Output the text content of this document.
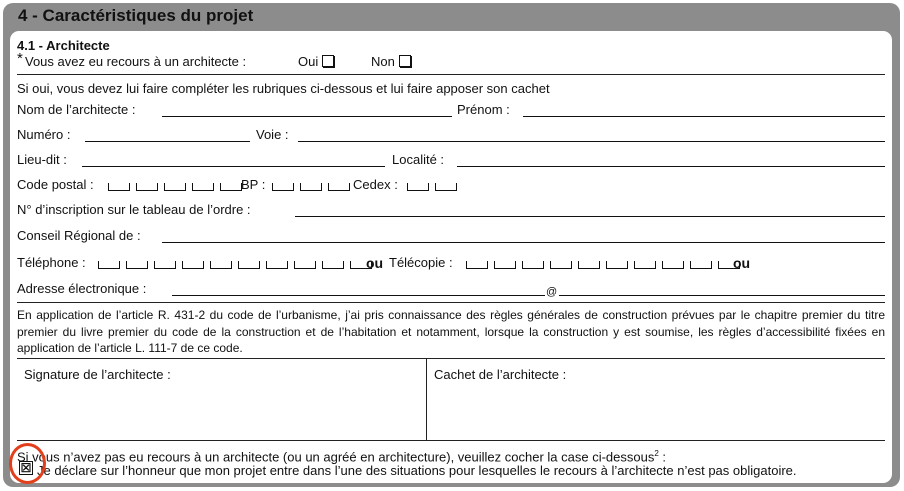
4 - Caractéristiques du projet
4.1 - Architecte
* Vous avez eu recours à un architecte :	Oui	Non
Si oui, vous devez lui faire compléter les rubriques ci-dessous et lui faire apposer son cachet
Nom de l’architecte :	Prénom :
Numéro :	Voie :
Lieu-dit :	Localité :
Code postal :	BP :	Cedex :
N° d’inscription sur le tableau de l’ordre :
Conseil Régional de :
Téléphone :	ou Télécopie :	ou
Adresse électronique :	@
En application de l’article R. 431-2 du code de l’urbanisme, j’ai pris connaissance des règles générales de construction prévues par le chapitre premier du titre premier du livre premier du code de la construction et de l’habitation et notamment, lorsque la construction y est soumise, les règles d’accessibilité fixées en application de l’article L. 111-7 de ce code.
Signature de l’architecte :	Cachet de l’architecte :
Si vous n’avez pas eu recours à un architecte (ou un agréé en architecture), veuillez cocher la case ci-dessous$^2$ :
☒ Je déclare sur l’honneur que mon projet entre dans l’une des situations pour lesquelles le recours à l’architecte n’est pas obligatoire.
